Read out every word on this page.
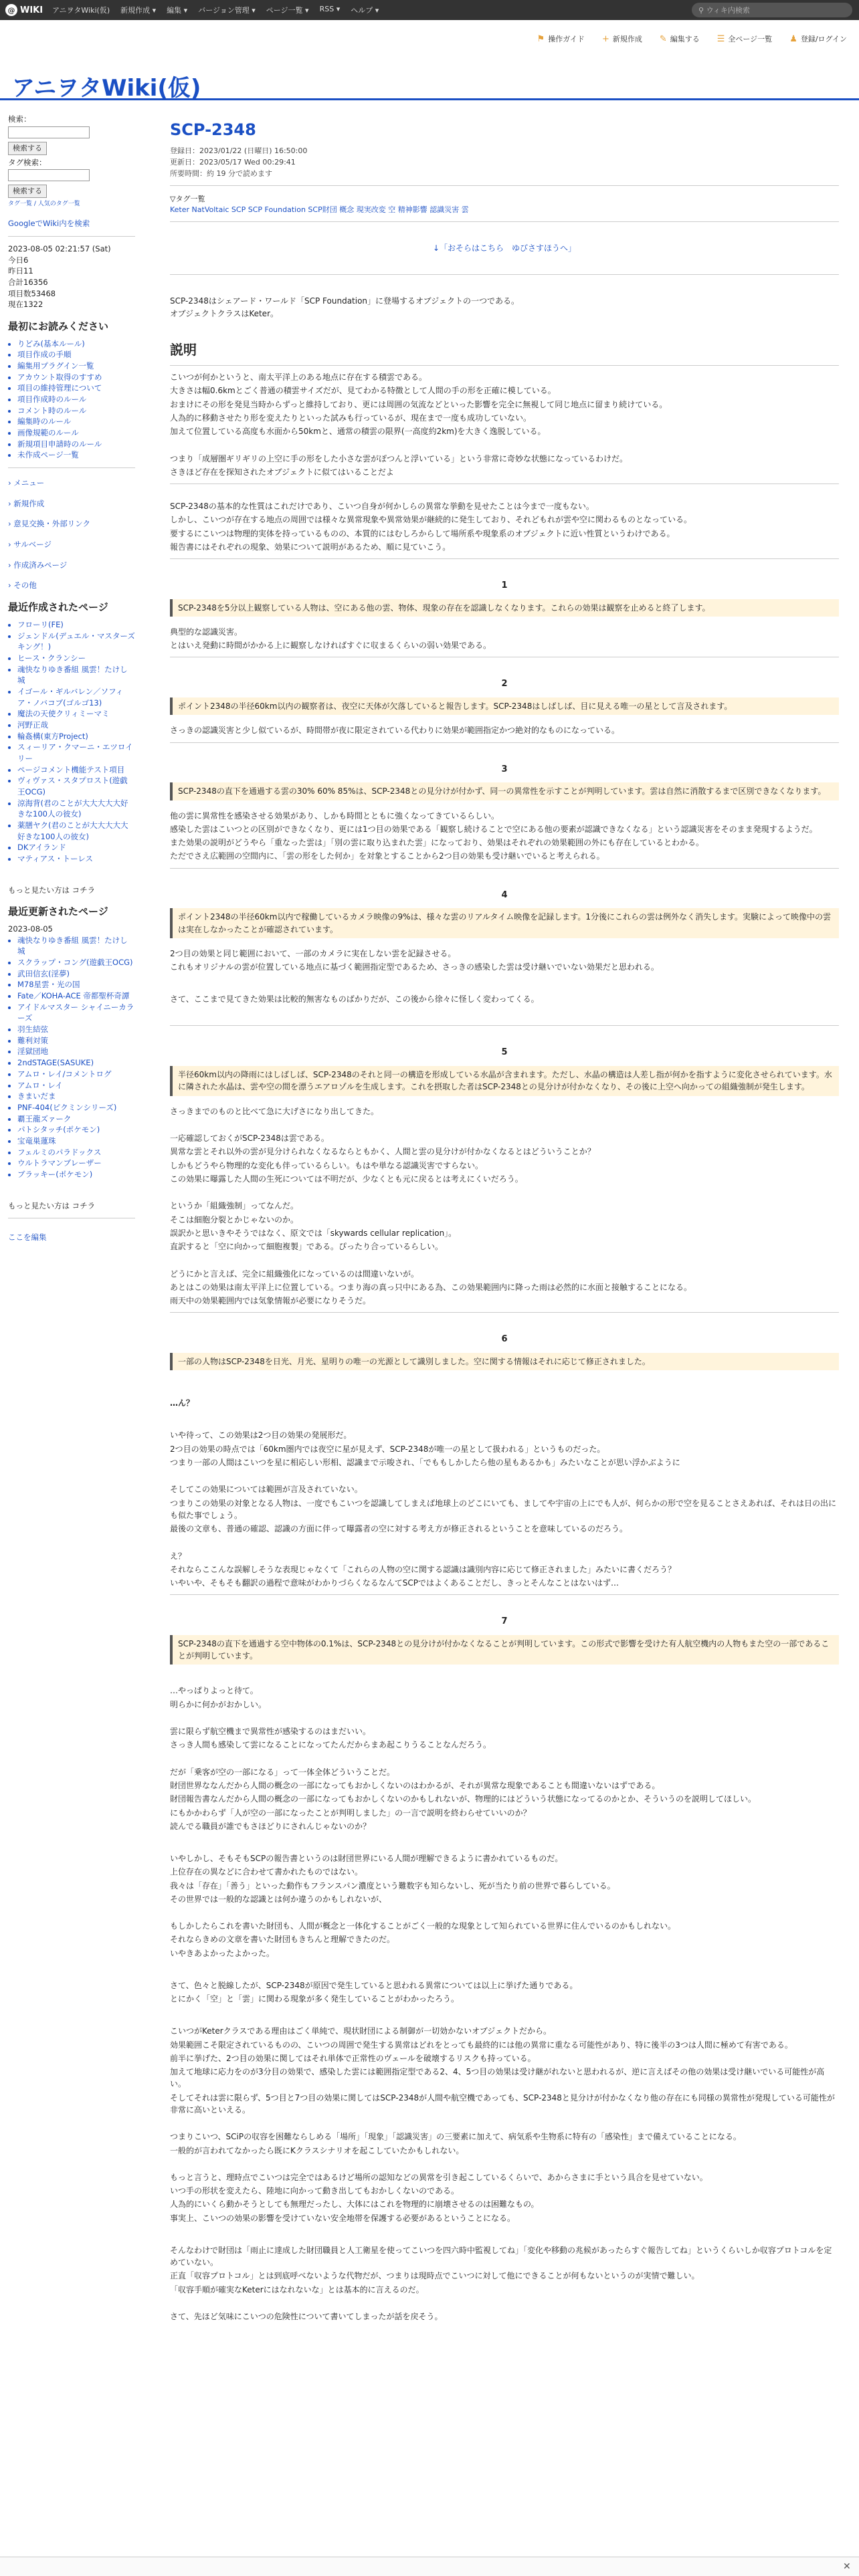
@ WIKI アニヲタWiki(仮) 新規作成 ▾ 編集 ▾ バージョン管理 ▾ ページ一覧 ▾ RSS ▾ ヘルプ ▾	⚲ ウィキ内検索
⚑ 操作ガイド + 新規作成 ✎ 編集する ☰ 全ページ一覧 ♟ 登録/ログイン
アニヲタWiki(仮)
検索：
検索する
タグ検索：
検索する
タグ一覧 / 人気のタグ一覧
GoogleでWiki内を検索
2023-08-05 02:21:57 (Sat)
今日6
昨日11
合計16356
項目数53468
現在1322
最初にお読みください
• りどみ(基本ルール)
• 項目作成の手順
• 編集用プラグイン一覧
• アカウント取得のすすめ
• 項目の維持管理について
• 項目作成時のルール
• コメント時のルール
• 編集時のルール
• 画像規範のルール
• 新規項目申請時のルール
• 未作成ページ一覧
› メニュー
› 新規作成
› 意見交換・外部リンク
› サルベージ
› 作成済みページ
› その他
最近作成されたページ
• フローリ(FE)
• ジェンドル(デュエル・マスターズ キング！)
• ヒース・クランシー
• 魂快なりゆき番組 風雲！たけし城
• イゴール・ギルバレン／ソフィア・ノバコブ(ゴルゴ13)
• 魔法の天使クリィミーマミ
• 河野正哉
• 輪姦構(東方Project)
• スィーリア・クマーニ・エツロイリー
• ページコメント機能テスト項目
• ヴィヴァス・スタプロスト(遊戯王OCG)
• 涼海背(君のことが大大大大大好きな100人の彼女)
• 薬膳ヤク(君のことが大大大大大好きな100人の彼女)
• DKアイランド
• マティアス・トーレス
もっと見たい方は コチラ
最近更新されたページ
2023-08-05
• 魂快なりゆき番組 風雲！たけし城
• スクラップ・コング(遊戯王OCG)
• 武田信玄(淫夢)
• M78星雲・光の国
• Fate／KOHA-ACE 帝都聖杯奇譚
• アイドルマスター シャイニーカラーズ
• 羽生結弦
• 難利対策
• 淫獄団地
• 2ndSTAGE(SASUKE)
• アムロ・レイ/コメントログ
• アムロ・レイ
• きまいだま
• PNF-404(ピクミンシリーズ)
• 覇王龍ズァーク
• パトシタッチ(ポケモン)
• 宝竜巣蓮珠
• フェルミのパラドックス
• ウルトラマンブレーザー
• ブラッキー(ポケモン)
もっと見たい方は コチラ
ここを編集
SCP-2348
登録日：2023/01/22 (日曜日) 16:50:00
更新日：2023/05/17 Wed 00:29:41
所要時間：約 19 分で読めます
▽タグ一覧
Keter NatVoltaic SCP SCP Foundation SCP財団 概念 現実改変 空 精神影響 認識災害 雲
↓「おそらはこちら　ゆびさすほうへ」
SCP-2348はシェアード・ワールド「SCP Foundation」に登場するオブジェクトの一つである。
オブジェクトクラスはKeter。
説明
こいつが何かというと、南太平洋上のある地点に存在する積雲である。
大きさは幅0.6kmとごく普通の積雲サイズだが、見てわかる特徴として人間の手の形を正確に模している。
おまけにその形を発見当時からずっと維持しており、更には周囲の気流などといった影響を完全に無視して同じ地点に留まり続けている。
人為的に移動させたり形を変えたりといった試みも行っているが、現在まで一度も成功していない。
加えて位置している高度も水面から50kmと、通常の積雲の限界(一高度約2km)を大きく逸脱している。

つまり「成層圏ギリギリの上空に手の形をした小さな雲がぽつんと浮いている」という非常に奇妙な状態になっているわけだ。
さきほど存在を探知されたオブジェクトに似てはいることだよ
SCP-2348の基本的な性質はこれだけであり、こいつ自身が何かしらの異常な挙動を見せたことは今まで一度もない。
しかし、こいつが存在する地点の周囲では様々な異常現象や異常効果が継続的に発生しており、それどもれが雲や空に関わるものとなっている。
要するにこいつは物理的実体を持っているものの、本質的にはむしろからして場所系や現象系のオブジェクトに近い性質というわけである。
報告書にはそれぞれの現象、効果について説明があるため、順に見ていこう。
1
SCP-2348を5分以上観察している人物は、空にある他の雲、物体、現象の存在を認識しなくなります。これらの効果は観察を止めると終了します。
典型的な認識災害。
とはいえ発動に時間がかかる上に観察しなければすぐに収まるくらいの弱い効果である。
2
ポイント2348の半径60km以内の観察者は、夜空に天体が欠落していると報告します。SCP-2348はしばしば、目に見える唯一の星として言及されます。
さっきの認識災害と少し似ているが、時間帯が夜に限定されている代わりに効果が範囲指定かつ絶対的なものになっている。
3
SCP-2348の直下を通過する雲の30% 60% 85%は、SCP-2348との見分けが付かず、同一の異常性を示すことが判明しています。雲は自然に消散するまで区別できなくなります。
他の雲に異常性を感染させる効果があり、しかも時間とともに強くなってきているらしい。
感染した雲はこいつとの区別ができなくなり、更には1つ目の効果である「観察し続けることで空にある他の要素が認識できなくなる」という認識災害をそのまま発現するようだ。
また効果の説明がどうやら「重なった雲は」「別の雲に取り込まれた雲」になっており、効果はそれぞれの効果範囲の外にも存在しているとわかる。
ただでさえ広範囲の空間内に、「雲の形をした何か」を対象とすることから2つ目の効果も受け継いでいると考えられる。
4
ポイント2348の半径60km以内で稼働しているカメラ映像の9%は、様々な雲のリアルタイム映像を記録します。1分後にこれらの雲は例外なく消失します。実験によって映像中の雲は実在しなかったことが確認されています。
2つ目の効果と同じ範囲において、一部のカメラに実在しない雲を記録させる。
これもオリジナルの雲が位置している地点に基づく範囲指定型であるため、さっきの感染した雲は受け継いでいない効果だと思われる。
さて、ここまで見てきた効果は比較的無害なものばかりだが、この後から徐々に怪しく変わってくる。
5
半径60km以内の降雨にはしばしば、SCP-2348のそれと同一の構造を形成している水晶が含まれます。ただし、水晶の構造は人差し指が何かを指すように変化させられています。水に隣された水晶は、雲や空の間を漂うエアロゾルを生成します。これを摂取した者はSCP-2348との見分けが付かなくなり、その後に上空へ向かっての組織強制が発生します。
さっきまでのものと比べて急に大げさになり出してきた。

一応確認しておくがSCP-2348は雲である。
異常な雲とそれ以外の雲が見分けられなくなるならともかく、人間と雲の見分けが付かなくなるとはどういうことか？
しかもどうやら物理的な変化も伴っているらしい。もはや単なる認識災害ですらない。
この効果に曝露した人間の生死については不明だが、少なくとも元に戻るとは考えにくいだろう。

というか「組織強制」ってなんだ。
そこは細胞分裂とかじゃないのか。
誤訳かと思いきやそうではなく、原文では「skywards cellular replication」。
直訳すると「空に向かって細胞複製」である。ぴったり合っているらしい。

どうにかと言えば、完全に組織強化になっているのは間違いないが。
あとはこの効果は南太平洋上に位置している。つまり海の真っ只中にある為、この効果範囲内に降った雨は必然的に水面と接触することになる。
雨天中の効果範囲内では気象情報が必要になりそうだ。
6
一部の人物はSCP-2348を日光、月光、星明りの唯一の光源として識別しました。空に関する情報はそれに応じて修正されました。
…ん？
いや待って、この効果は2つ目の効果の発展形だ。
2つ目の効果の時点では「60km圏内では夜空に星が見えず、SCP-2348が唯一の星として扱われる」というものだった。
つまり一部の人間はこいつを星に相応しい形相、認識まで示唆され、「でももしかしたら他の星もあるかも」みたいなことが思い浮かぶように

そしてこの効果については範囲が言及されていない。
つまりこの効果の対象となる人物は、一度でもこいつを認識してしまえば地球上のどこにいても、ましてや宇宙の上にでも人が、何らかの形で空を見ることさえあれば、それは日の出にも似た事でしょう。
最後の文章も、普通の確認、認識の方面に伴って曝露者の空に対する考え方が修正されるということを意味しているのだろう。

え？
それならここんな誤解しそうな表現じゃなくて「これらの人物の空に関する認識は識別内容に応じて修正されました」みたいに書くだろう？
いやいや、そもそも翻訳の過程で意味がわかりづらくなるなんてSCPではよくあることだし、きっとそんなことはないはず…
7
SCP-2348の直下を通過する空中物体の0.1%は、SCP-2348との見分けが付かなくなることが判明しています。この形式で影響を受けた有人航空機内の人物もまた空の一部であることが判明しています。
…やっぱりよっと待て。
明らかに何かがおかしい。

雲に限らず航空機まで異常性が感染するのはまだいい。
さっき人間も感染して雲になることになってたんだからまあ起こりうることなんだろう。

だが「乗客が空の一部になる」って一体全体どういうことだ。
財団世界ななんだから人間の概念の一部になってもおかしくないのはわかるが、それが異常な現象であることも間違いないはずである。
財団報告書なんだから人間の概念の一部になってもおかしくないのかもしれないが、物理的にはどういう状態になってるのかとか、そういうのを説明してほしい。
にもかかわらず「人が空の一部になったことが判明しました」の一言で説明を終わらせていいのか？
読んでる職員が誰でもさほどりにされんじゃないのか？
いやしかし、そもそもSCPの報告書というのは財団世界にいる人間が理解できるように書かれているものだ。
上位存在の異などに合わせて書かれたものではない。
我々は「存在」「善う」といった動作もフランスパン濃度という難数字も知らないし、死が当たり前の世界で暮らしている。
その世界では一般的な認識とは何か違うのかもしれないが、

もしかしたらこれを書いた財団も、人間が概念と一体化することがごく一般的な現象として知られている世界に住んでいるのかもしれない。
それならきめの文章を書いた財団もきちんと理解できたのだ。
いやきあよかったよかった。
さて、色々と脱線したが、SCP-2348が原因で発生していると思われる異常については以上に挙げた通りである。
とにかく「空」と「雲」に関わる現象が多く発生していることがわかったろう。
こいつがKeterクラスである理由はごく単純で、現状財団による制御が一切効かないオブジェクトだから。
効果範囲こそ限定されているものの、こいつの周囲で発生する異常はどれをとっても最終的には他の異常に重なる可能性があり、特に後半の3つは人間に極めて有害である。
前半に挙げた、2つ目の効果に関してはそれ単体で正常性のヴェールを破壊するリスクも持っている。
加えて地球に応力をのが3分目の効果で、感染した雲には範囲指定型である2、4、5つ目の効果は受け継がれないと思われるが、逆に言えばその他の効果は受け継いでいる可能性が高い。
そしてそれは雲に限らず、5つ目と7つ目の効果に関してはSCP-2348が人間や航空機であっても、SCP-2348と見分けが付かなくなり他の存在にも同様の異常性が発現している可能性が非常に高いといえる。

つまりこいつ、SCiPの収容を困難ならしめる「場所」「現象」「認識災害」の三要素に加えて、病気系や生物系に特有の「感染性」まで備えていることになる。
一般的が言われてなかったら既にKクラスシナリオを起こしていたかもしれない。

もっと言うと、理時点でこいつは完全ではあるけど場所の認知などの異常を引き起こしているくらいで、あからさまに手という具合を見せていない。
いつ手の形状を変えたら、陸地に向かって動き出してもおかしくないのである。
人為的にいくら動かそうとしても無理だったし、大体にはこれを物理的に崩壊させるのは困難なもの。
事実上、こいつの効果の影響を受けていない安全地帯を保護する必要があるということになる。
そんなわけで財団は「雨止に達成した財団職員と人工衛星を使ってこいつを四六時中監視してね」「変化や移動の兆候があったらすぐ報告してね」というくらいしか収容プロトコルを定めていない。
正直「収容プロトコル」とは到底呼べないような代物だが、つまりは現時点でこいつに対して他にできることが何もないというのが実情で難しい。
「収容手順が確実なKeterにはなれないな」とは基本的に言えるのだ。

さて、先ほど気味にこいつの危険性について書いてしまったが話を戻そう。
✕
